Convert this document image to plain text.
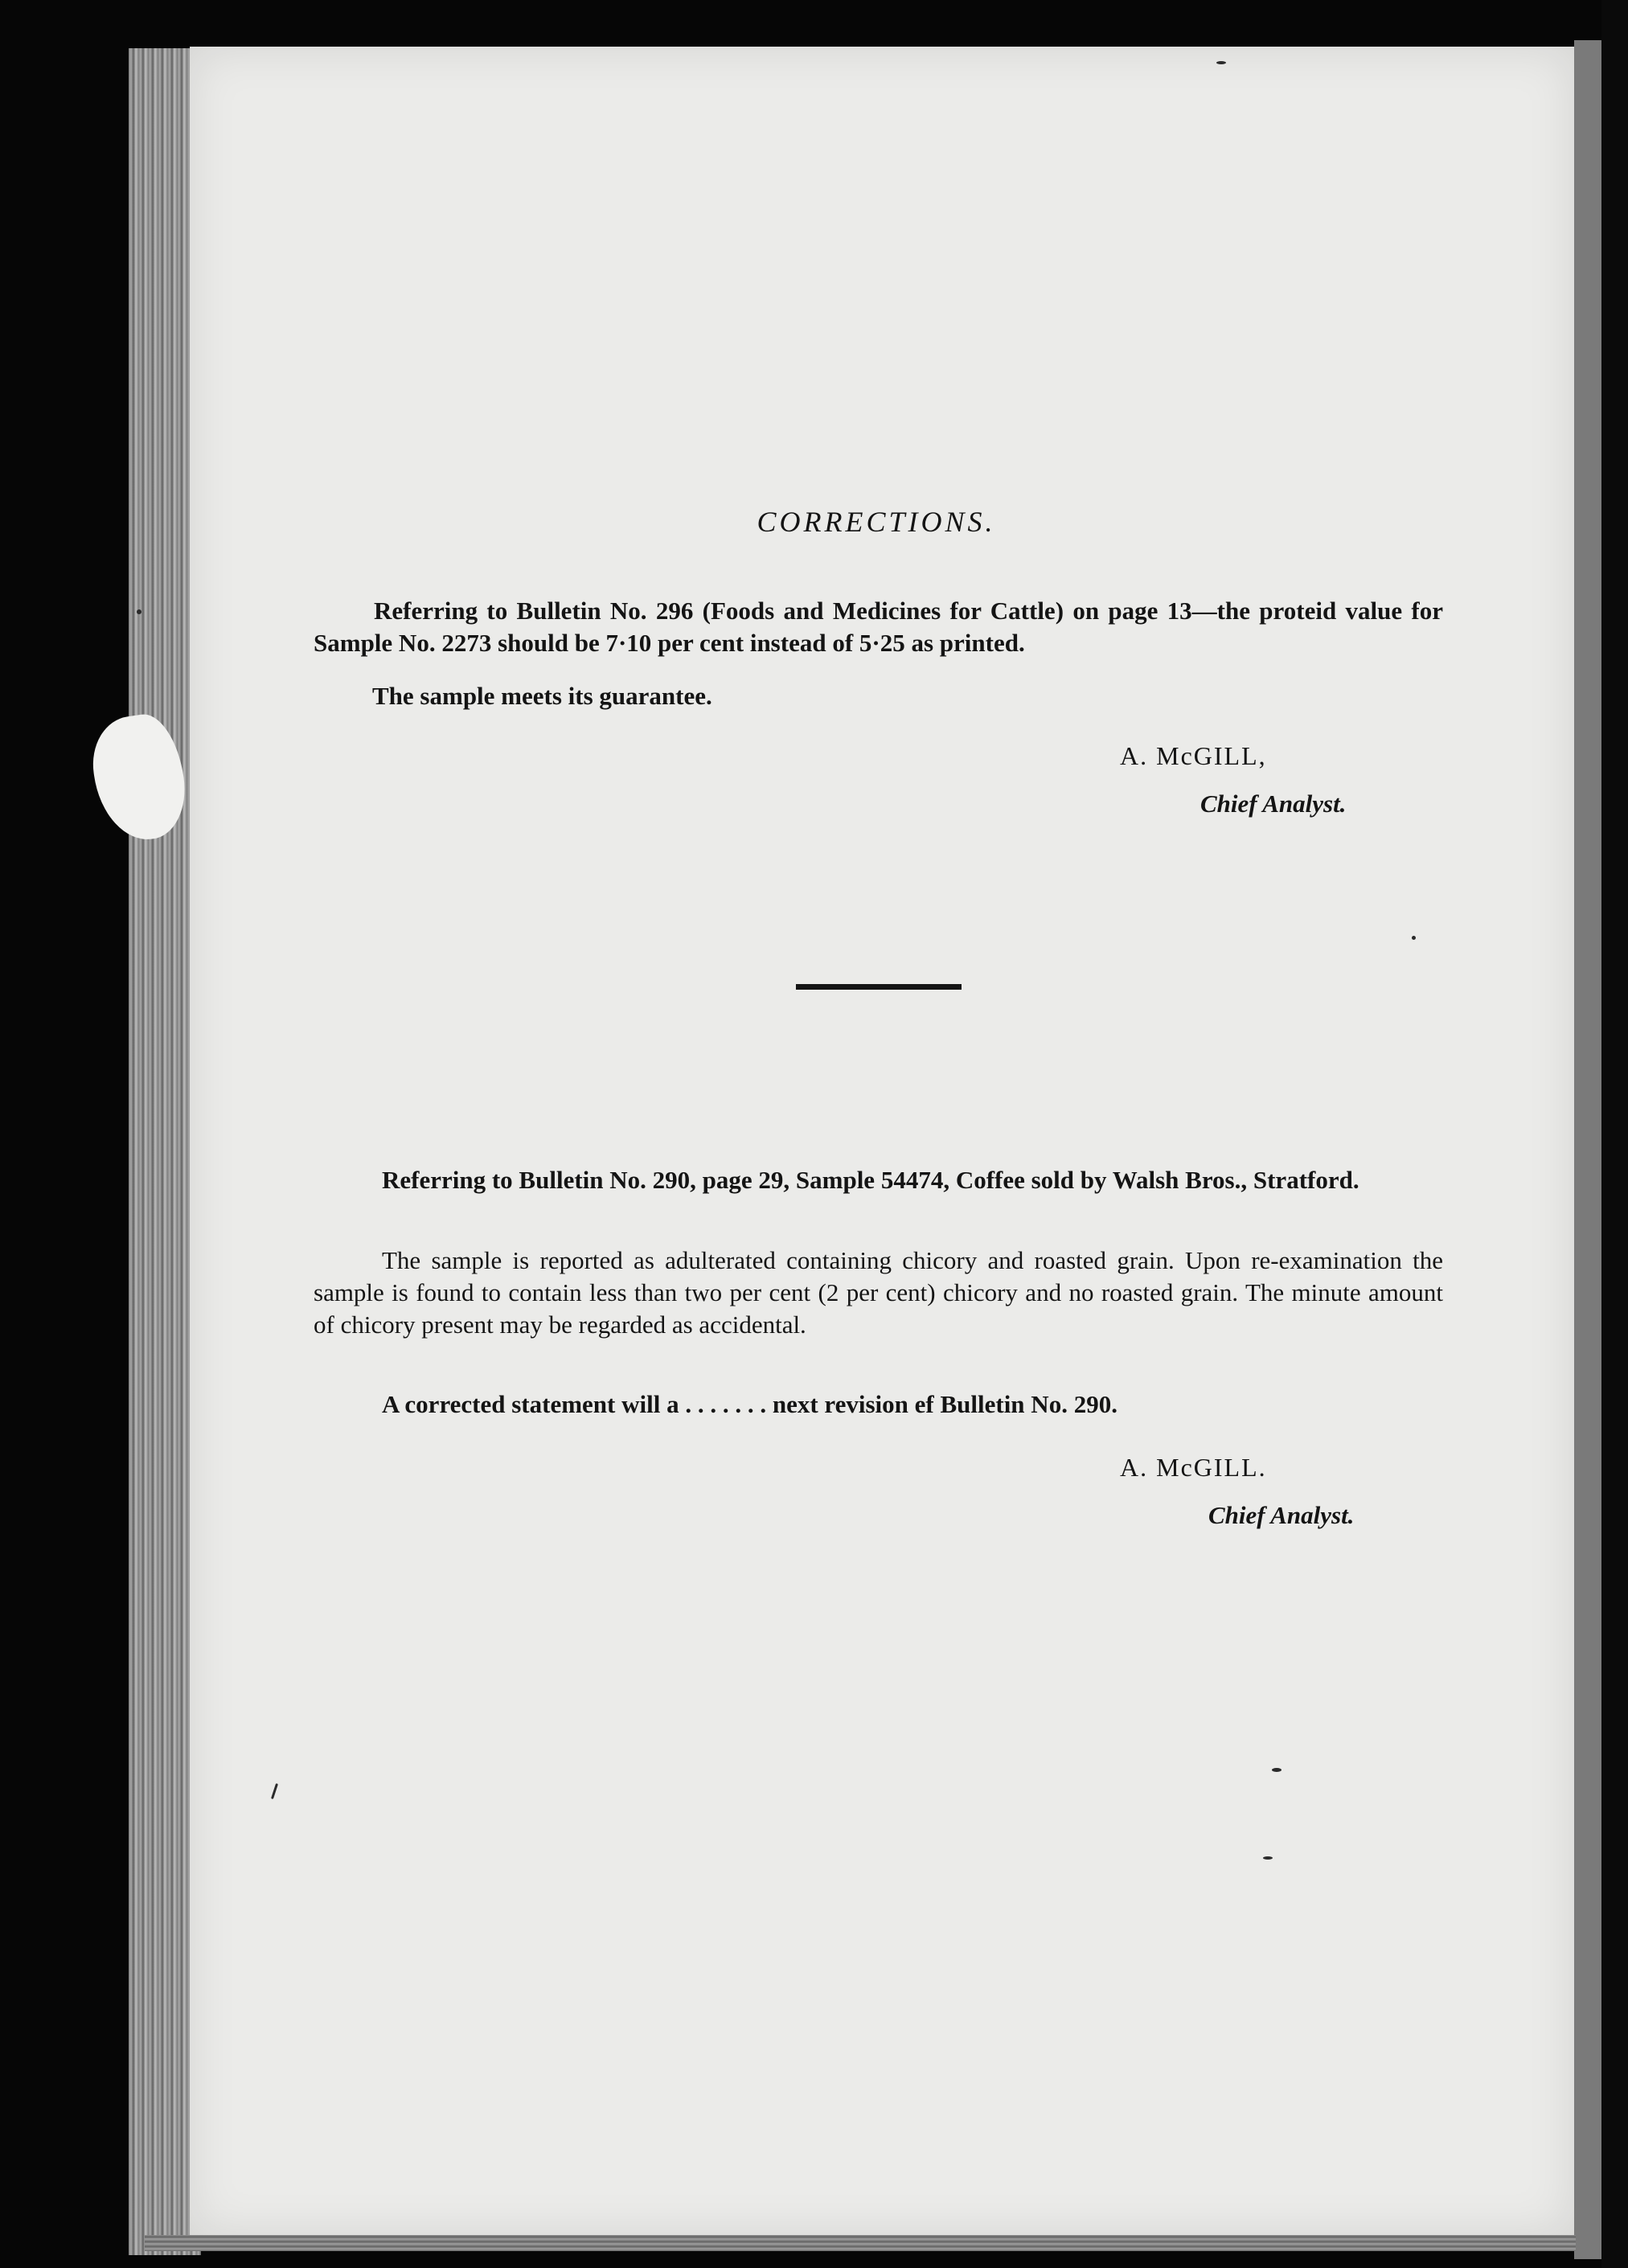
CORRECTIONS.

Referring to Bulletin No. 296 (Foods and Medicines for Cattle) on page 13—the proteid value for Sample No. 2273 should be 7·10 per cent instead of 5·25 as printed.

The sample meets its guarantee.

A. McGILL,
Chief Analyst.

Referring to Bulletin No. 290, page 29, Sample 54474, Coffee sold by Walsh Bros., Stratford.

The sample is reported as adulterated containing chicory and roasted grain. Upon re-examination the sample is found to contain less than two per cent (2 per cent) chicory and no roasted grain. The minute amount of chicory present may be regarded as accidental.

A corrected statement will a . . . . . . . next revision ef Bulletin No. 290.

A. McGILL.
Chief Analyst.
